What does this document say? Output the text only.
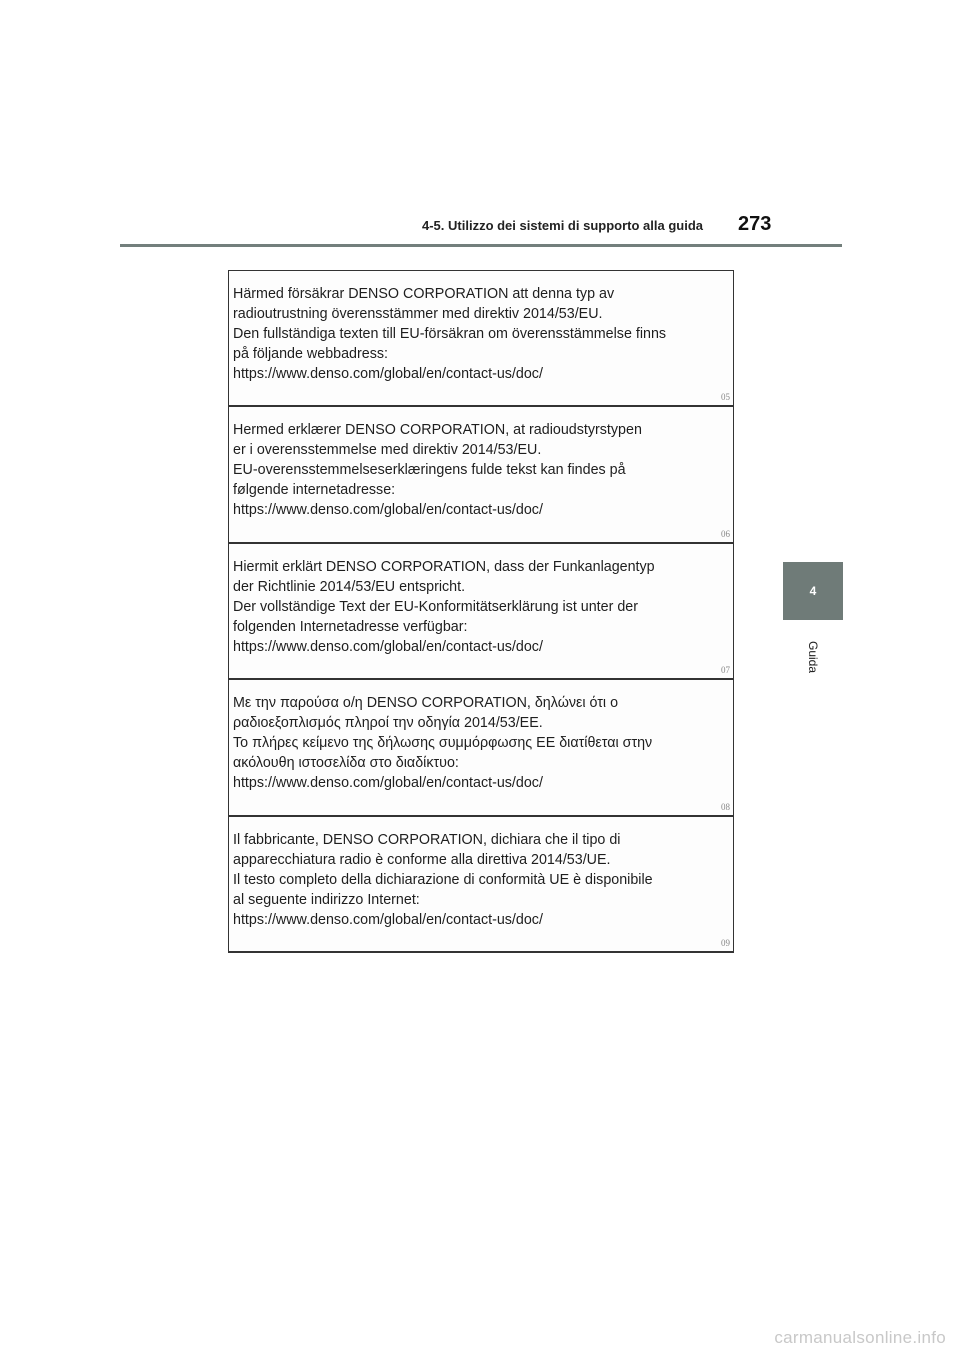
4-5. Utilizzo dei sistemi di supporto alla guida 273
4
Guida
Härmed försäkrar DENSO CORPORATION att denna typ av
radioutrustning överensstämmer med direktiv 2014/53/EU.
Den fullständiga texten till EU-försäkran om överensstämmelse finns
på följande webbadress:
https://www.denso.com/global/en/contact-us/doc/
05
Hermed erklærer DENSO CORPORATION, at radioudstyrstypen
er i overensstemmelse med direktiv 2014/53/EU.
EU-overensstemmelseserklæringens fulde tekst kan findes på
følgende internetadresse:
https://www.denso.com/global/en/contact-us/doc/
06
Hiermit erklärt DENSO CORPORATION, dass der Funkanlagentyp
der Richtlinie 2014/53/EU entspricht.
Der vollständige Text der EU-Konformitätserklärung ist unter der
folgenden Internetadresse verfügbar:
https://www.denso.com/global/en/contact-us/doc/
07
Με την παρούσα ο/η DENSO CORPORATION, δηλώνει ότι ο
ραδιοεξοπλισμός πληροί την οδηγία 2014/53/ΕΕ.
Το πλήρες κείμενο της δήλωσης συμμόρφωσης ΕΕ διατίθεται στην
ακόλουθη ιστοσελίδα στο διαδίκτυο:
https://www.denso.com/global/en/contact-us/doc/
08
Il fabbricante, DENSO CORPORATION, dichiara che il tipo di
apparecchiatura radio è conforme alla direttiva 2014/53/UE.
Il testo completo della dichiarazione di conformità UE è disponibile
al seguente indirizzo Internet:
https://www.denso.com/global/en/contact-us/doc/
09
carmanualsonline.info
